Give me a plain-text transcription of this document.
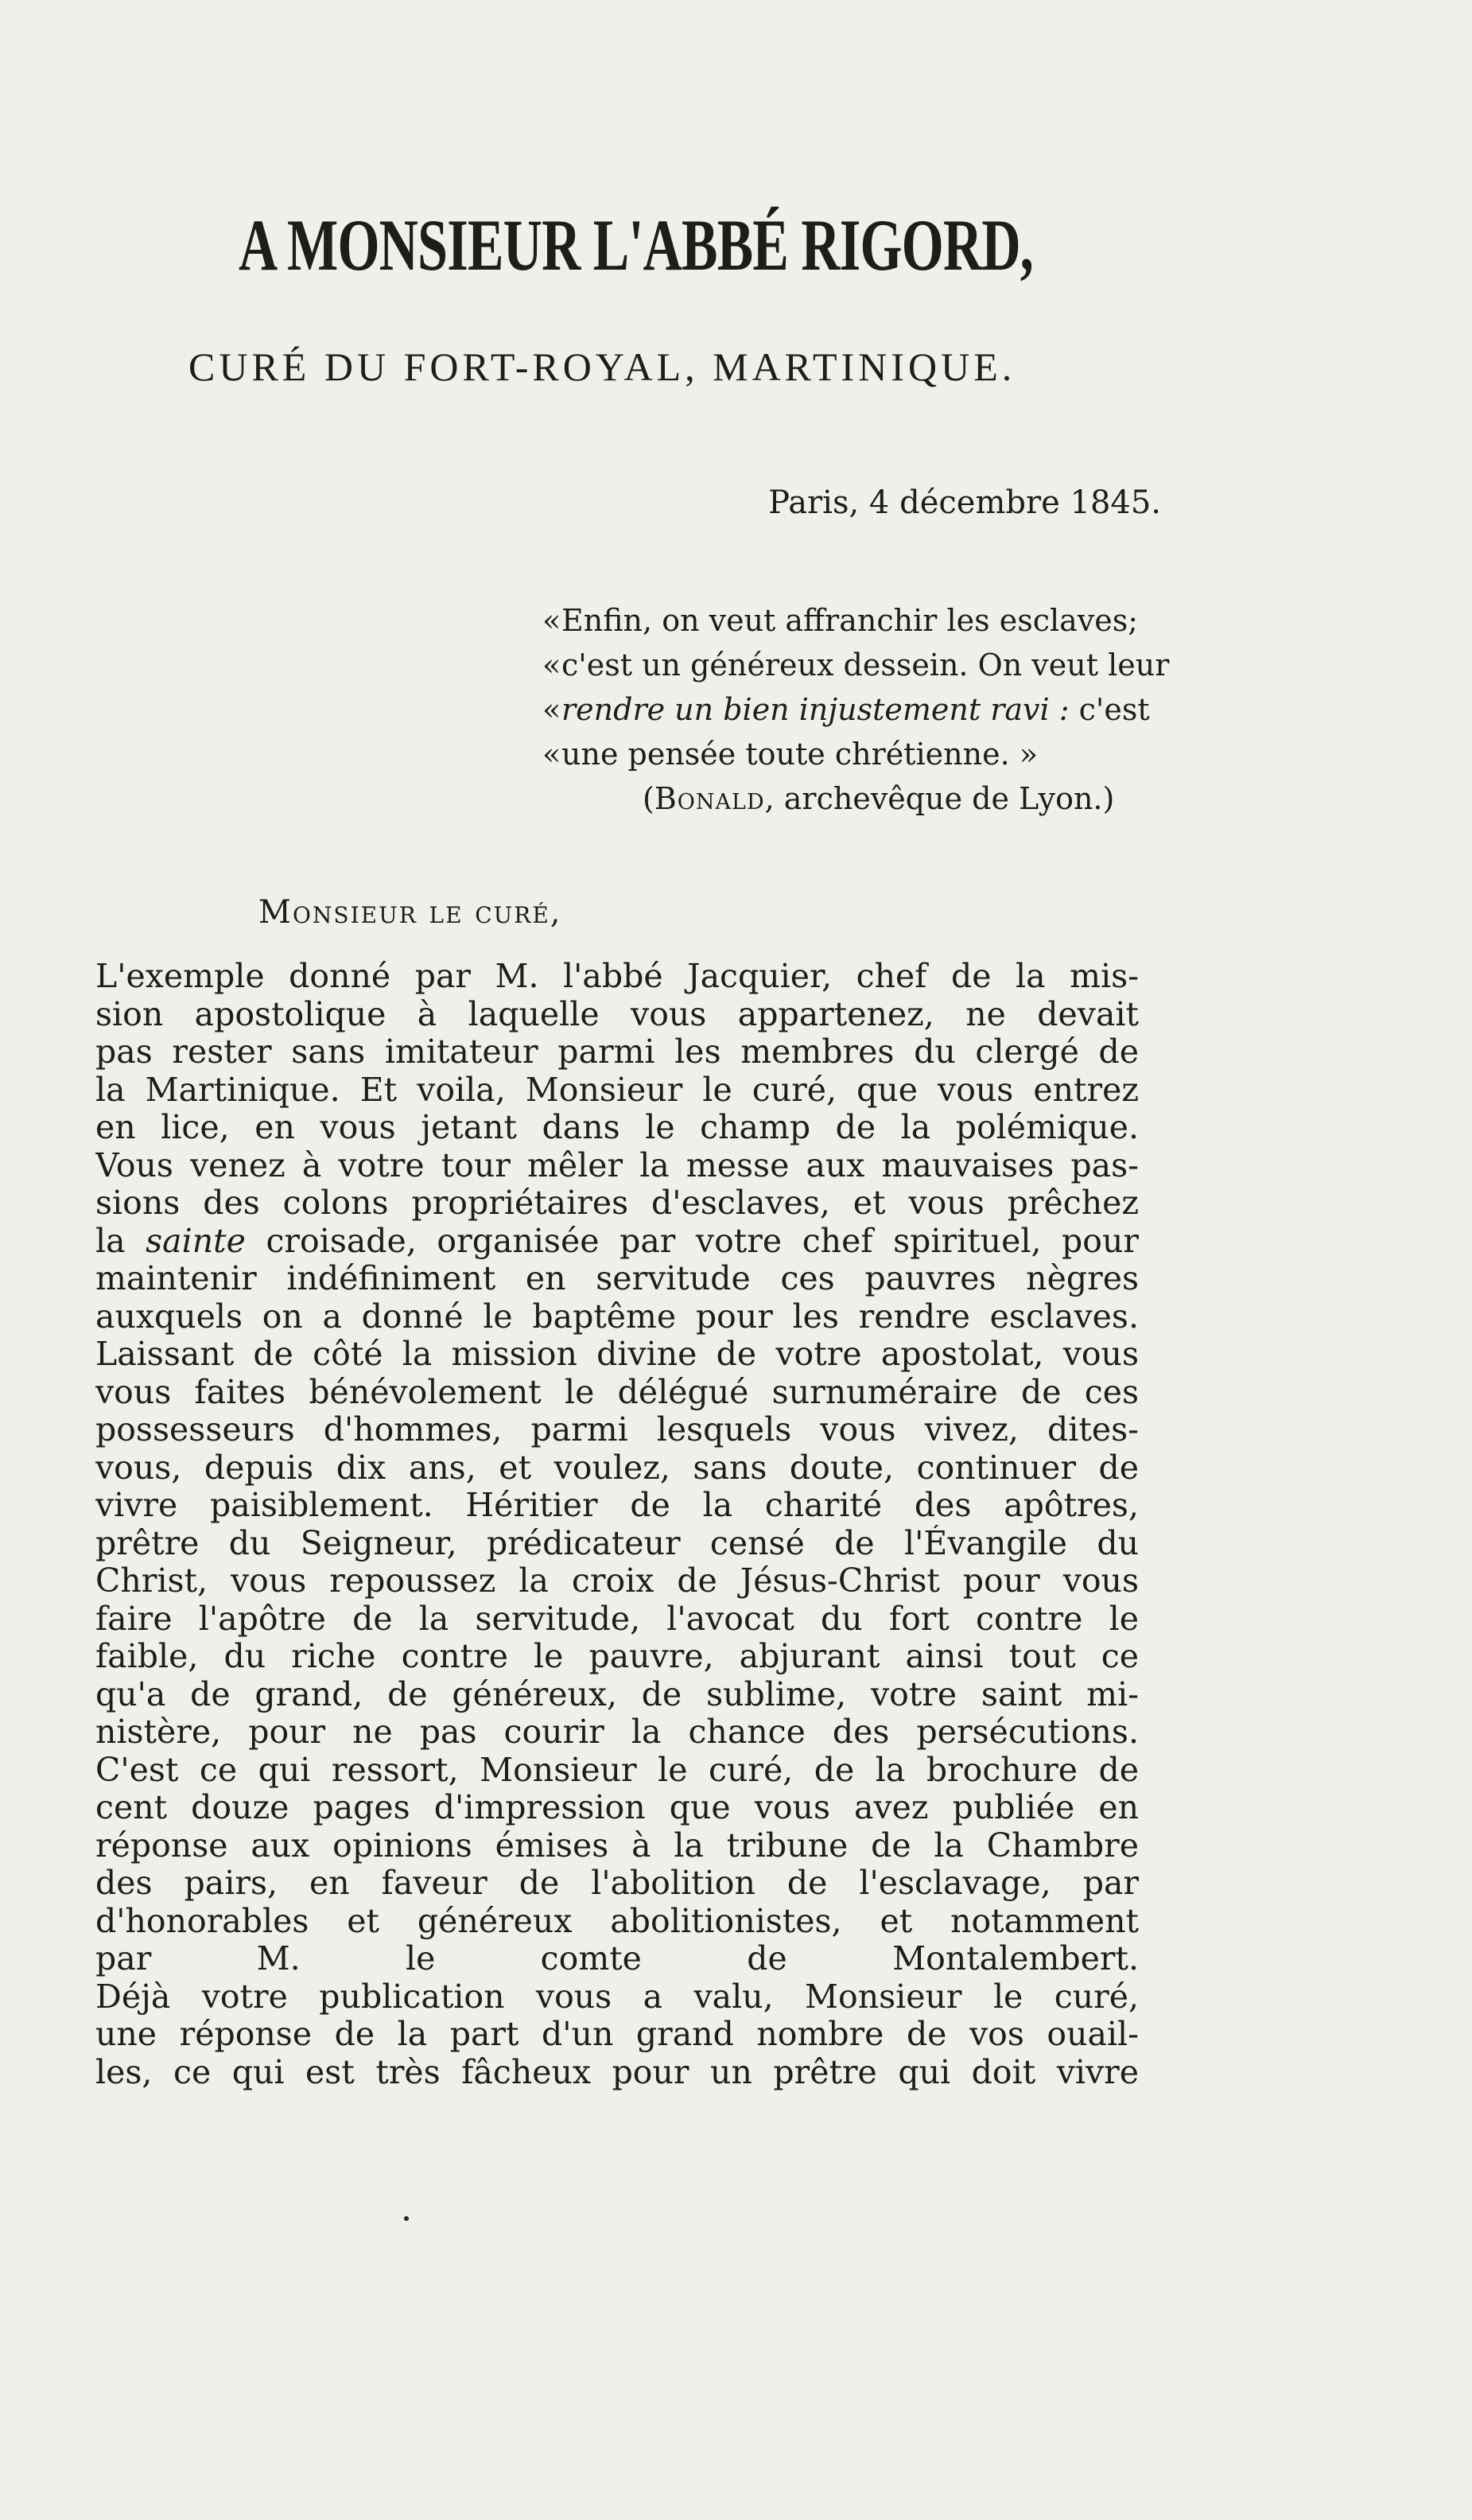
A MONSIEUR L'ABBÉ RIGORD,
CURÉ DU FORT-ROYAL, MARTINIQUE.
Paris, 4 décembre 1845.
«Enfin, on veut affranchir les esclaves;
«c'est un généreux dessein. On veut leur
«rendre un bien injustement ravi : c'est
«une pensée toute chrétienne. »
(Bonald, archevêque de Lyon.)
Monsieur le curé,
L'exemple donné par M. l'abbé Jacquier, chef de la mis-
sion apostolique à laquelle vous appartenez, ne devait
pas rester sans imitateur parmi les membres du clergé de
la Martinique. Et voila, Monsieur le curé, que vous entrez
en lice, en vous jetant dans le champ de la polémique.
Vous venez à votre tour mêler la messe aux mauvaises pas-
sions des colons propriétaires d'esclaves, et vous prêchez
la sainte croisade, organisée par votre chef spirituel, pour
maintenir indéfiniment en servitude ces pauvres nègres
auxquels on a donné le baptême pour les rendre esclaves.
Laissant de côté la mission divine de votre apostolat, vous
vous faites bénévolement le délégué surnuméraire de ces
possesseurs d'hommes, parmi lesquels vous vivez, dites-
vous, depuis dix ans, et voulez, sans doute, continuer de
vivre paisiblement. Héritier de la charité des apôtres,
prêtre du Seigneur, prédicateur censé de l'Évangile du
Christ, vous repoussez la croix de Jésus-Christ pour vous
faire l'apôtre de la servitude, l'avocat du fort contre le
faible, du riche contre le pauvre, abjurant ainsi tout ce
qu'a de grand, de généreux, de sublime, votre saint mi-
nistère, pour ne pas courir la chance des persécutions.
C'est ce qui ressort, Monsieur le curé, de la brochure de
cent douze pages d'impression que vous avez publiée en
réponse aux opinions émises à la tribune de la Chambre
des pairs, en faveur de l'abolition de l'esclavage, par
d'honorables et généreux abolitionistes, et notamment
par M. le comte de Montalembert.
Déjà votre publication vous a valu, Monsieur le curé,
une réponse de la part d'un grand nombre de vos ouail-
les, ce qui est très fâcheux pour un prêtre qui doit vivre
